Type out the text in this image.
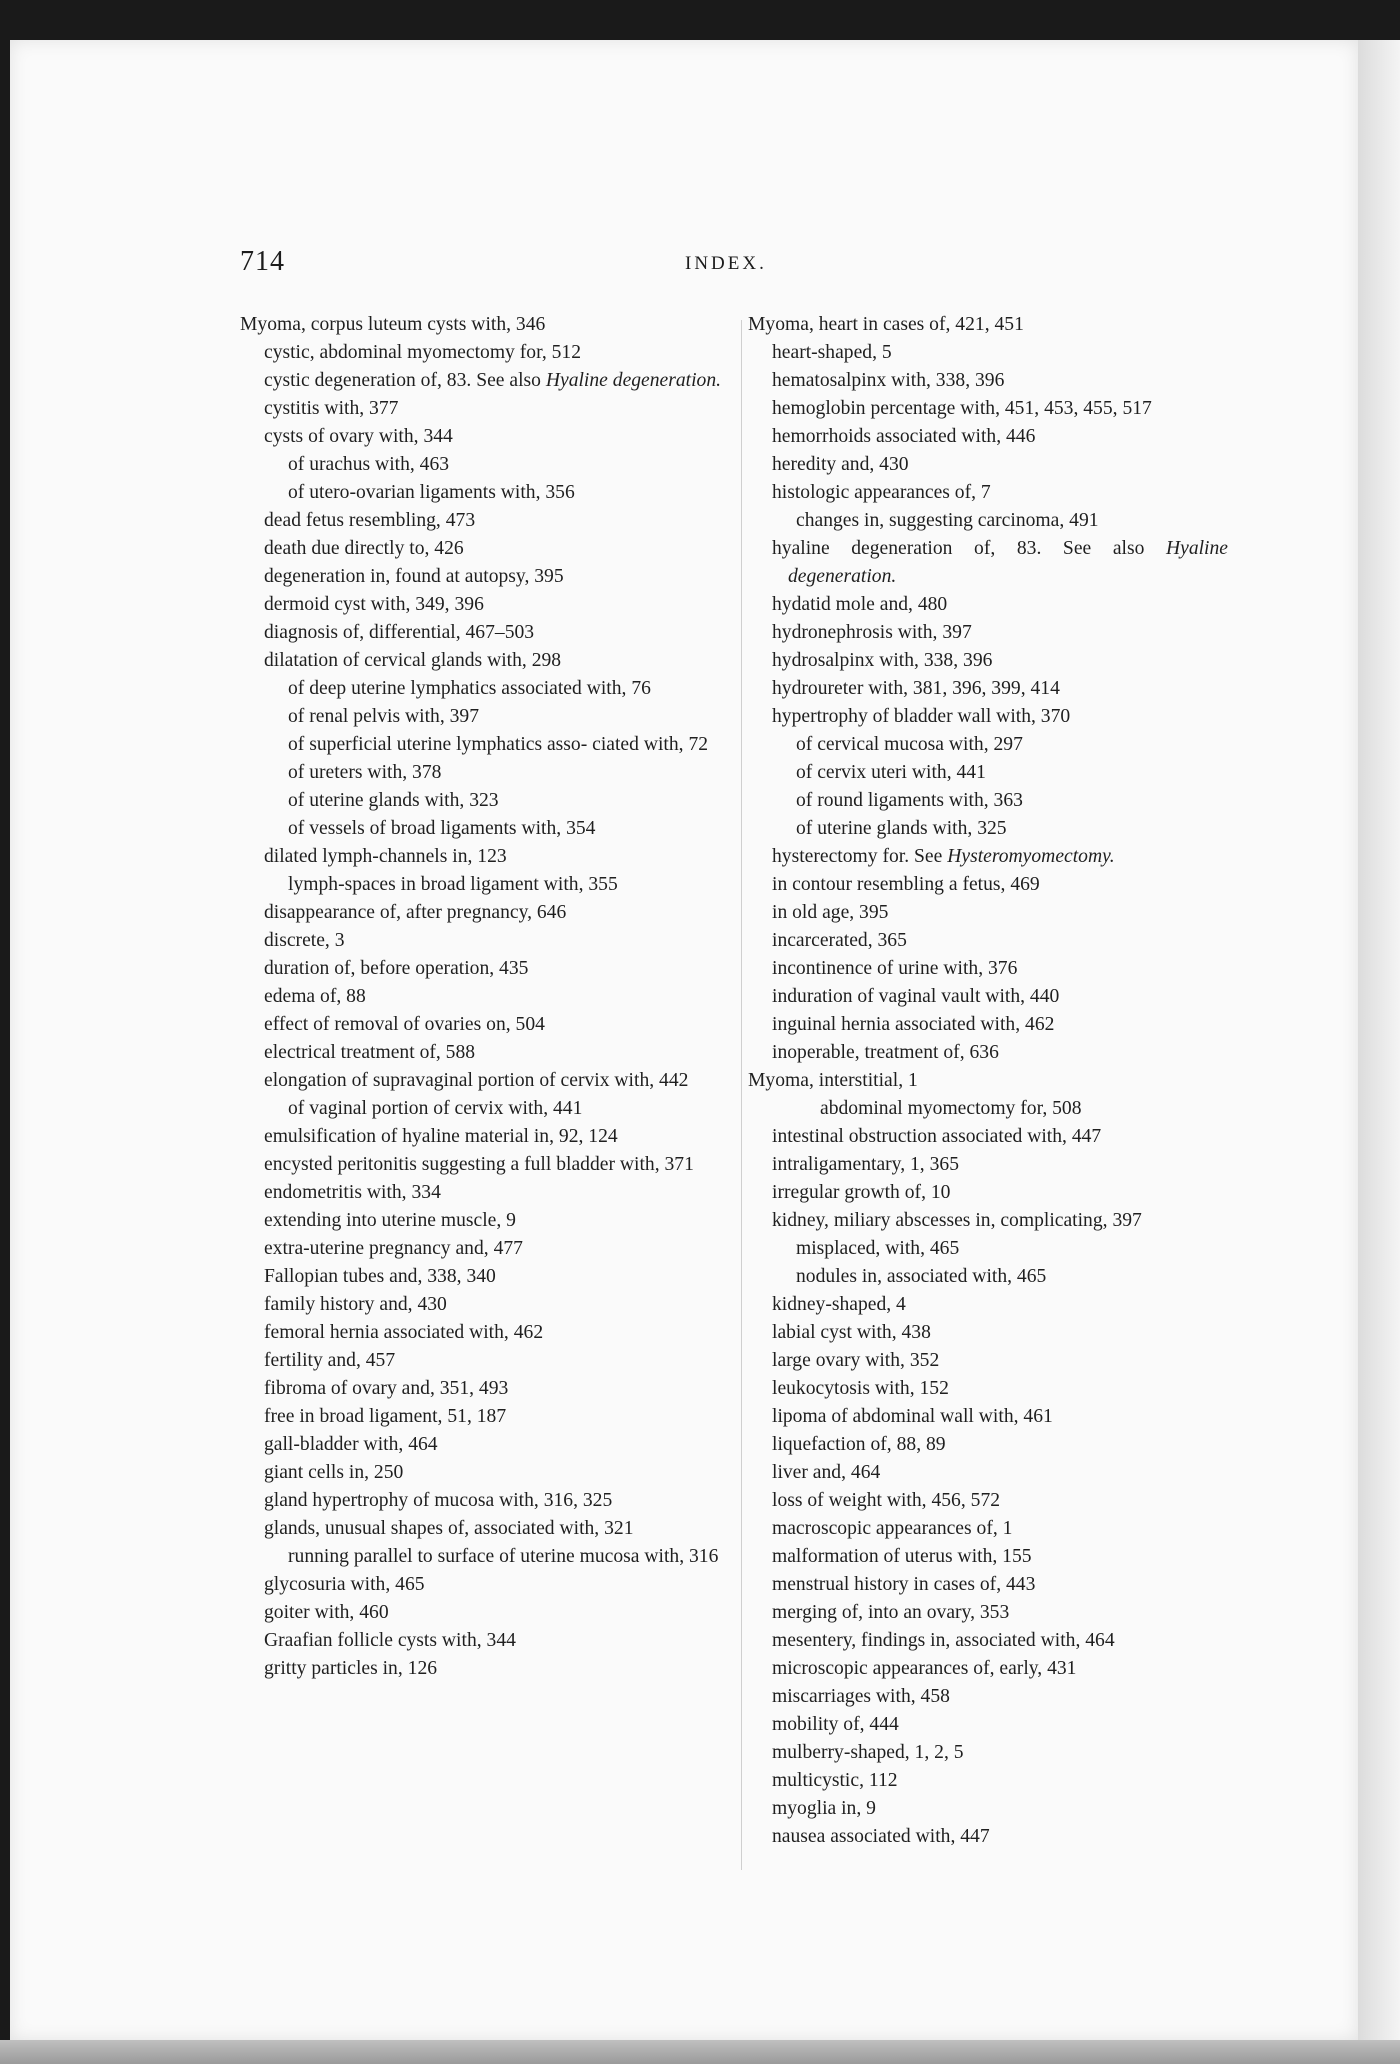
714	INDEX.
Myoma, corpus luteum cysts with, 346
cystic, abdominal myomectomy for, 512
cystic degeneration of, 83. See also Hyaline degeneration.
cystitis with, 377
cysts of ovary with, 344
of urachus with, 463
of utero-ovarian ligaments with, 356
dead fetus resembling, 473
death due directly to, 426
degeneration in, found at autopsy, 395
dermoid cyst with, 349, 396
diagnosis of, differential, 467–503
dilatation of cervical glands with, 298
of deep uterine lymphatics associated with, 76
of renal pelvis with, 397
of superficial uterine lymphatics asso- ciated with, 72
of ureters with, 378
of uterine glands with, 323
of vessels of broad ligaments with, 354
dilated lymph-channels in, 123
lymph-spaces in broad ligament with, 355
disappearance of, after pregnancy, 646
discrete, 3
duration of, before operation, 435
edema of, 88
effect of removal of ovaries on, 504
electrical treatment of, 588
elongation of supravaginal portion of cervix with, 442
of vaginal portion of cervix with, 441
emulsification of hyaline material in, 92, 124
encysted peritonitis suggesting a full bladder with, 371
endometritis with, 334
extending into uterine muscle, 9
extra-uterine pregnancy and, 477
Fallopian tubes and, 338, 340
family history and, 430
femoral hernia associated with, 462
fertility and, 457
fibroma of ovary and, 351, 493
free in broad ligament, 51, 187
gall-bladder with, 464
giant cells in, 250
gland hypertrophy of mucosa with, 316, 325
glands, unusual shapes of, associated with, 321
running parallel to surface of uterine mucosa with, 316
glycosuria with, 465
goiter with, 460
Graafian follicle cysts with, 344
gritty particles in, 126
Myoma, heart in cases of, 421, 451
heart-shaped, 5
hematosalpinx with, 338, 396
hemoglobin percentage with, 451, 453, 455, 517
hemorrhoids associated with, 446
heredity and, 430
histologic appearances of, 7
changes in, suggesting carcinoma, 491
hyaline degeneration of, 83. See also Hyaline degeneration.
hydatid mole and, 480
hydronephrosis with, 397
hydrosalpinx with, 338, 396
hydroureter with, 381, 396, 399, 414
hypertrophy of bladder wall with, 370
of cervical mucosa with, 297
of cervix uteri with, 441
of round ligaments with, 363
of uterine glands with, 325
hysterectomy for. See Hysteromyomectomy.
in contour resembling a fetus, 469
in old age, 395
incarcerated, 365
incontinence of urine with, 376
induration of vaginal vault with, 440
inguinal hernia associated with, 462
inoperable, treatment of, 636
Myoma, interstitial, 1
abdominal myomectomy for, 508
intestinal obstruction associated with, 447
intraligamentary, 1, 365
irregular growth of, 10
kidney, miliary abscesses in, complicating, 397
misplaced, with, 465
nodules in, associated with, 465
kidney-shaped, 4
labial cyst with, 438
large ovary with, 352
leukocytosis with, 152
lipoma of abdominal wall with, 461
liquefaction of, 88, 89
liver and, 464
loss of weight with, 456, 572
macroscopic appearances of, 1
malformation of uterus with, 155
menstrual history in cases of, 443
merging of, into an ovary, 353
mesentery, findings in, associated with, 464
microscopic appearances of, early, 431
miscarriages with, 458
mobility of, 444
mulberry-shaped, 1, 2, 5
multicystic, 112
myoglia in, 9
nausea associated with, 447
